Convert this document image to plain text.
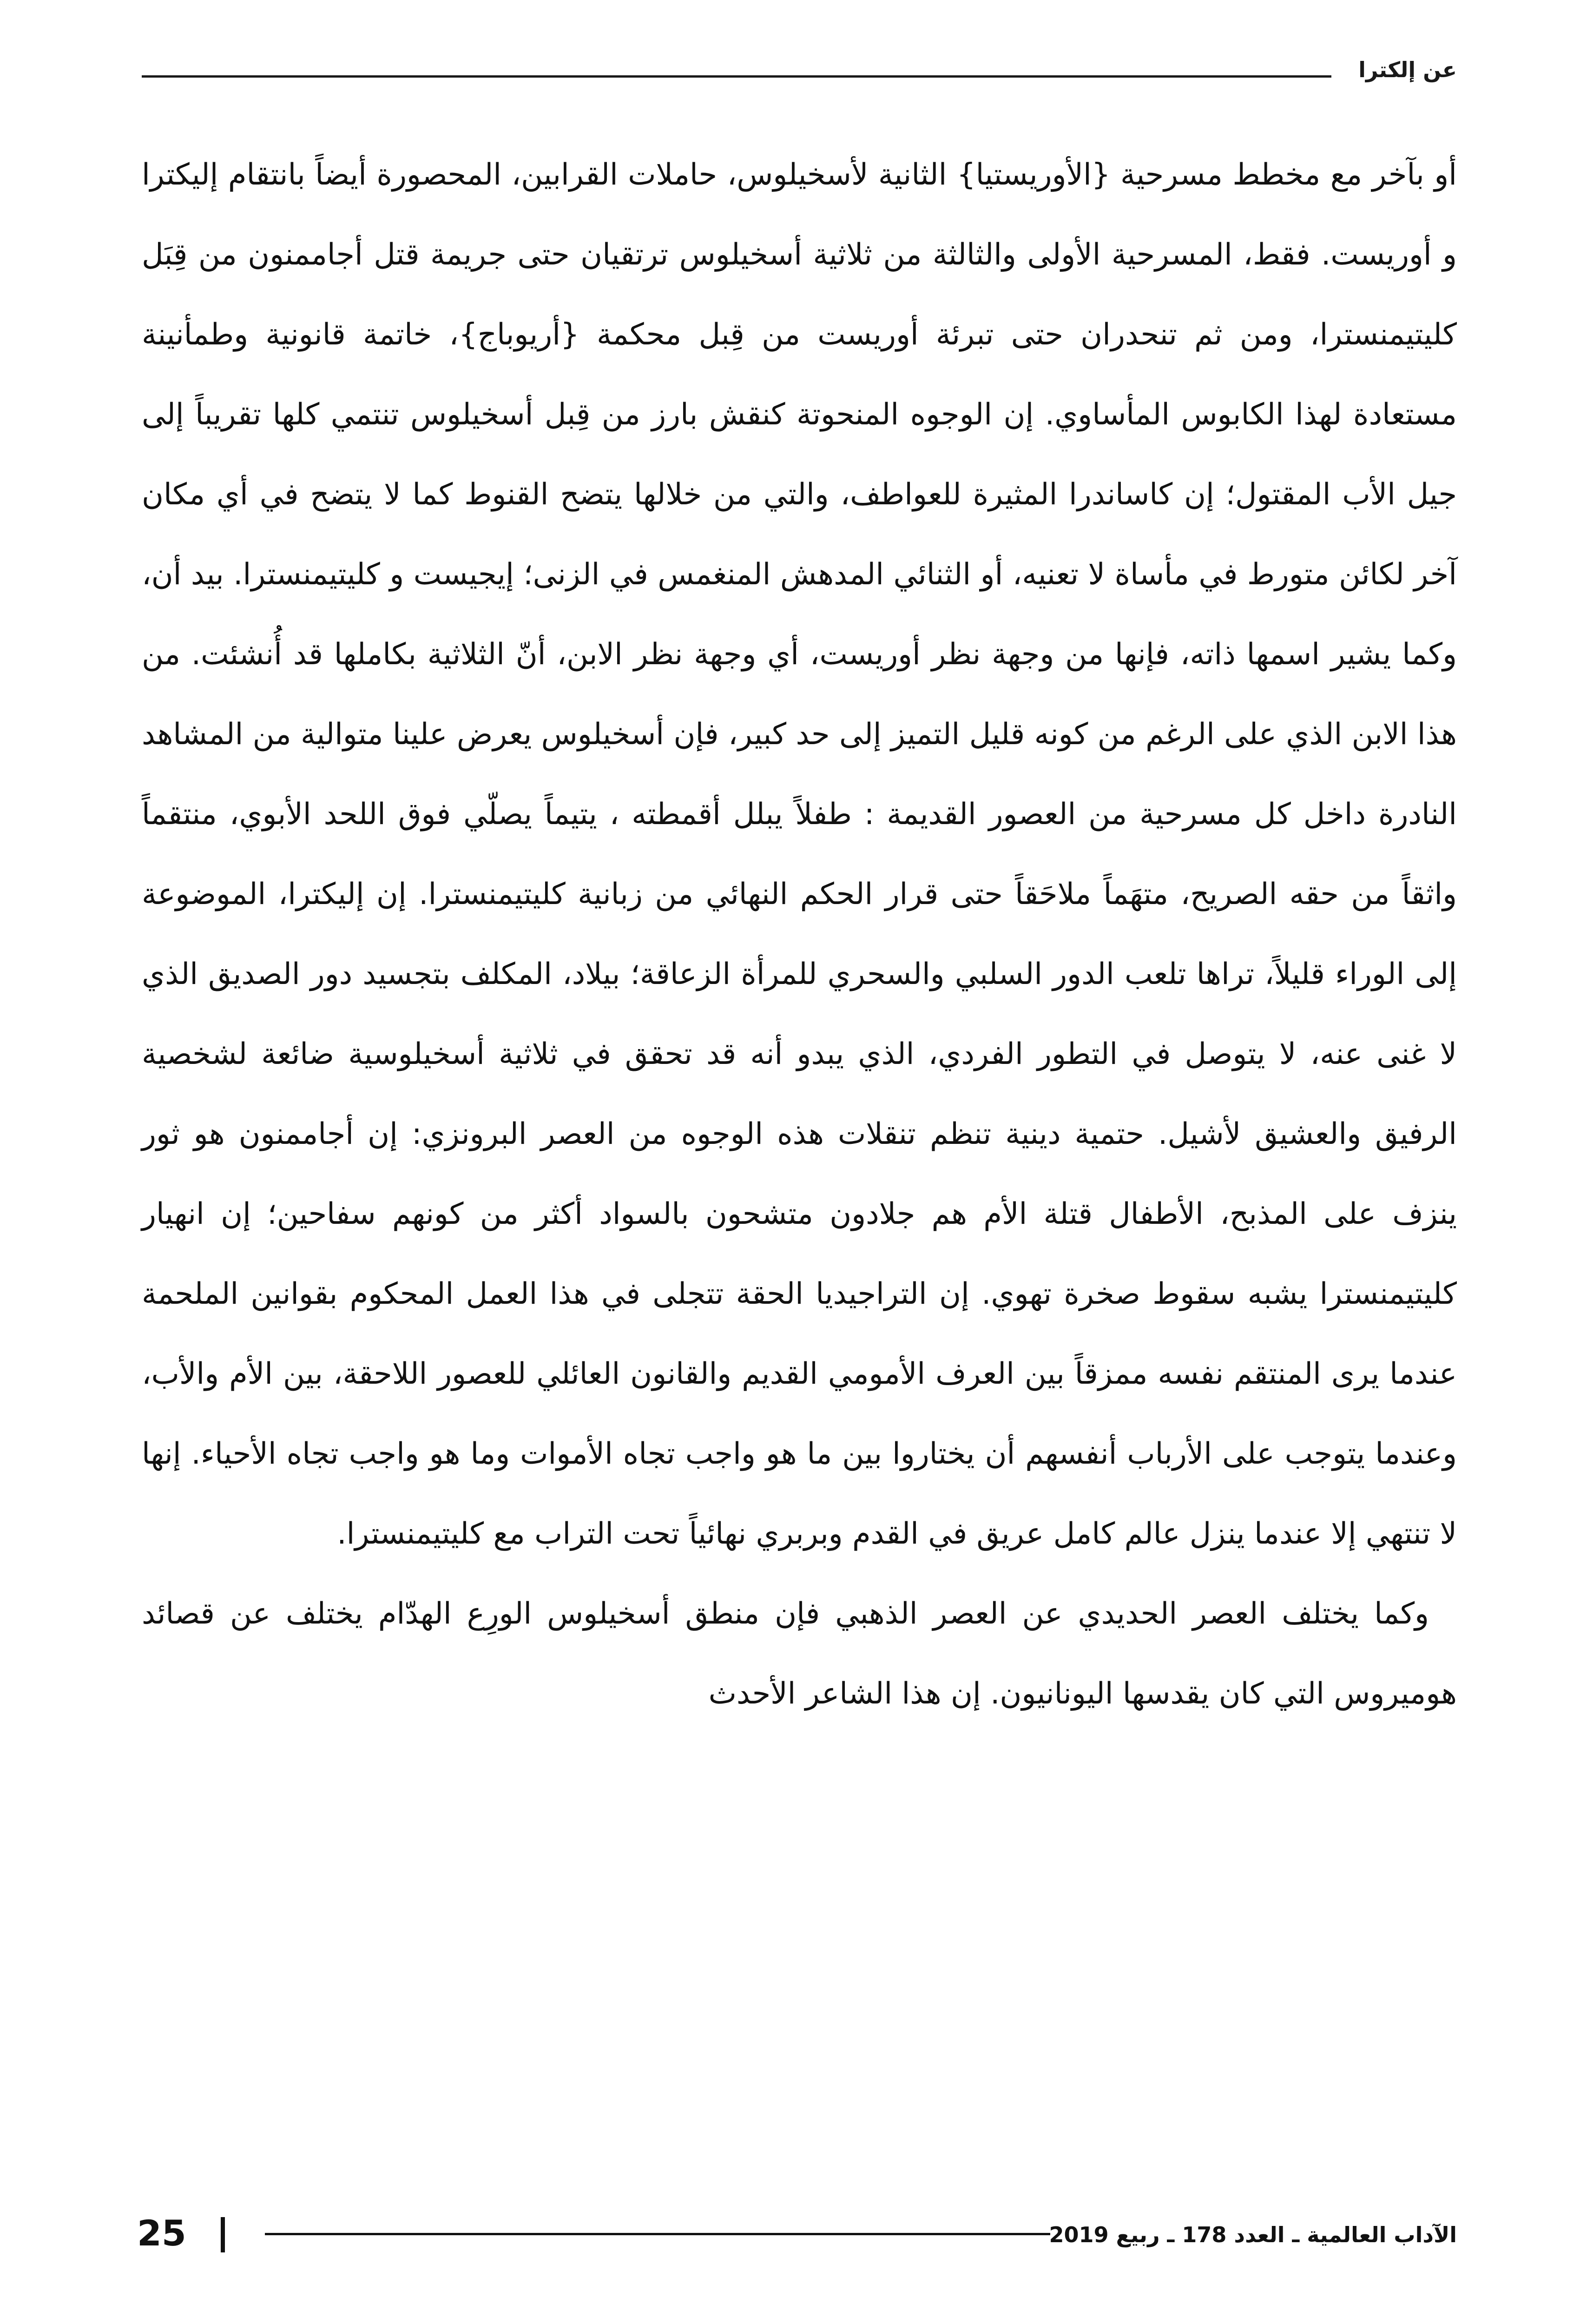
عن إلكترا

أو بآخر مع مخطط مسرحية {الأوريستيا} الثانية لأسخيلوس، حاملات القرابين، المحصورة أيضاً بانتقام إليكترا و أوريست. فقط، المسرحية الأولى والثالثة من ثلاثية أسخيلوس ترتقيان حتى جريمة قتل أجاممنون من قِبَل كليتيمنسترا، ومن ثم تنحدران حتى تبرئة أوريست من قِبل محكمة {أريوباج}، خاتمة قانونية وطمأنينة مستعادة لهذا الكابوس المأساوي. إن الوجوه المنحوتة كنقش بارز من قِبل أسخيلوس تنتمي كلها تقريباً إلى جيل الأب المقتول؛ إن كاساندرا المثيرة للعواطف، والتي من خلالها يتضح القنوط كما لا يتضح في أي مكان آخر لكائن متورط في مأساة لا تعنيه، أو الثنائي المدهش المنغمس في الزنى؛ إيجيست و كليتيمنسترا. بيد أن، وكما يشير اسمها ذاته، فإنها من وجهة نظر أوريست، أي وجهة نظر الابن، أنّ الثلاثية بكاملها قد أُنشئت. من هذا الابن الذي على الرغم من كونه قليل التميز إلى حد كبير، فإن أسخيلوس يعرض علينا متوالية من المشاهد النادرة داخل كل مسرحية من العصور القديمة : طفلاً يبلل أقمطته ، يتيماً يصلّي فوق اللحد الأبوي، منتقماً واثقاً من حقه الصريح، متهَماً ملاحَقاً حتى قرار الحكم النهائي من زبانية كليتيمنسترا. إن إليكترا، الموضوعة إلى الوراء قليلاً، تراها تلعب الدور السلبي والسحري للمرأة الزعاقة؛ بيلاد، المكلف بتجسيد دور الصديق الذي لا غنى عنه، لا يتوصل في التطور الفردي، الذي يبدو أنه قد تحقق في ثلاثية أسخيلوسية ضائعة لشخصية الرفيق والعشيق لأشيل. حتمية دينية تنظم تنقلات هذه الوجوه من العصر البرونزي: إن أجاممنون هو ثور ينزف على المذبح، الأطفال قتلة الأم هم جلادون متشحون بالسواد أكثر من كونهم سفاحين؛ إن انهيار كليتيمنسترا يشبه سقوط صخرة تهوي. إن التراجيديا الحقة تتجلى في هذا العمل المحكوم بقوانين الملحمة عندما يرى المنتقم نفسه ممزقاً بين العرف الأمومي القديم والقانون العائلي للعصور اللاحقة، بين الأم والأب، وعندما يتوجب على الأرباب أنفسهم أن يختاروا بين ما هو واجب تجاه الأموات وما هو واجب تجاه الأحياء. إنها لا تنتهي إلا عندما ينزل عالم كامل عريق في القدم وبربري نهائياً تحت التراب مع كليتيمنسترا.

وكما يختلف العصر الحديدي عن العصر الذهبي فإن منطق أسخيلوس الورِع الهدّام يختلف عن قصائد هوميروس التي كان يقدسها اليونانيون. إن هذا الشاعر الأحدث

25	الآداب العالمية ـ العدد 178 ـ ربيع 2019
